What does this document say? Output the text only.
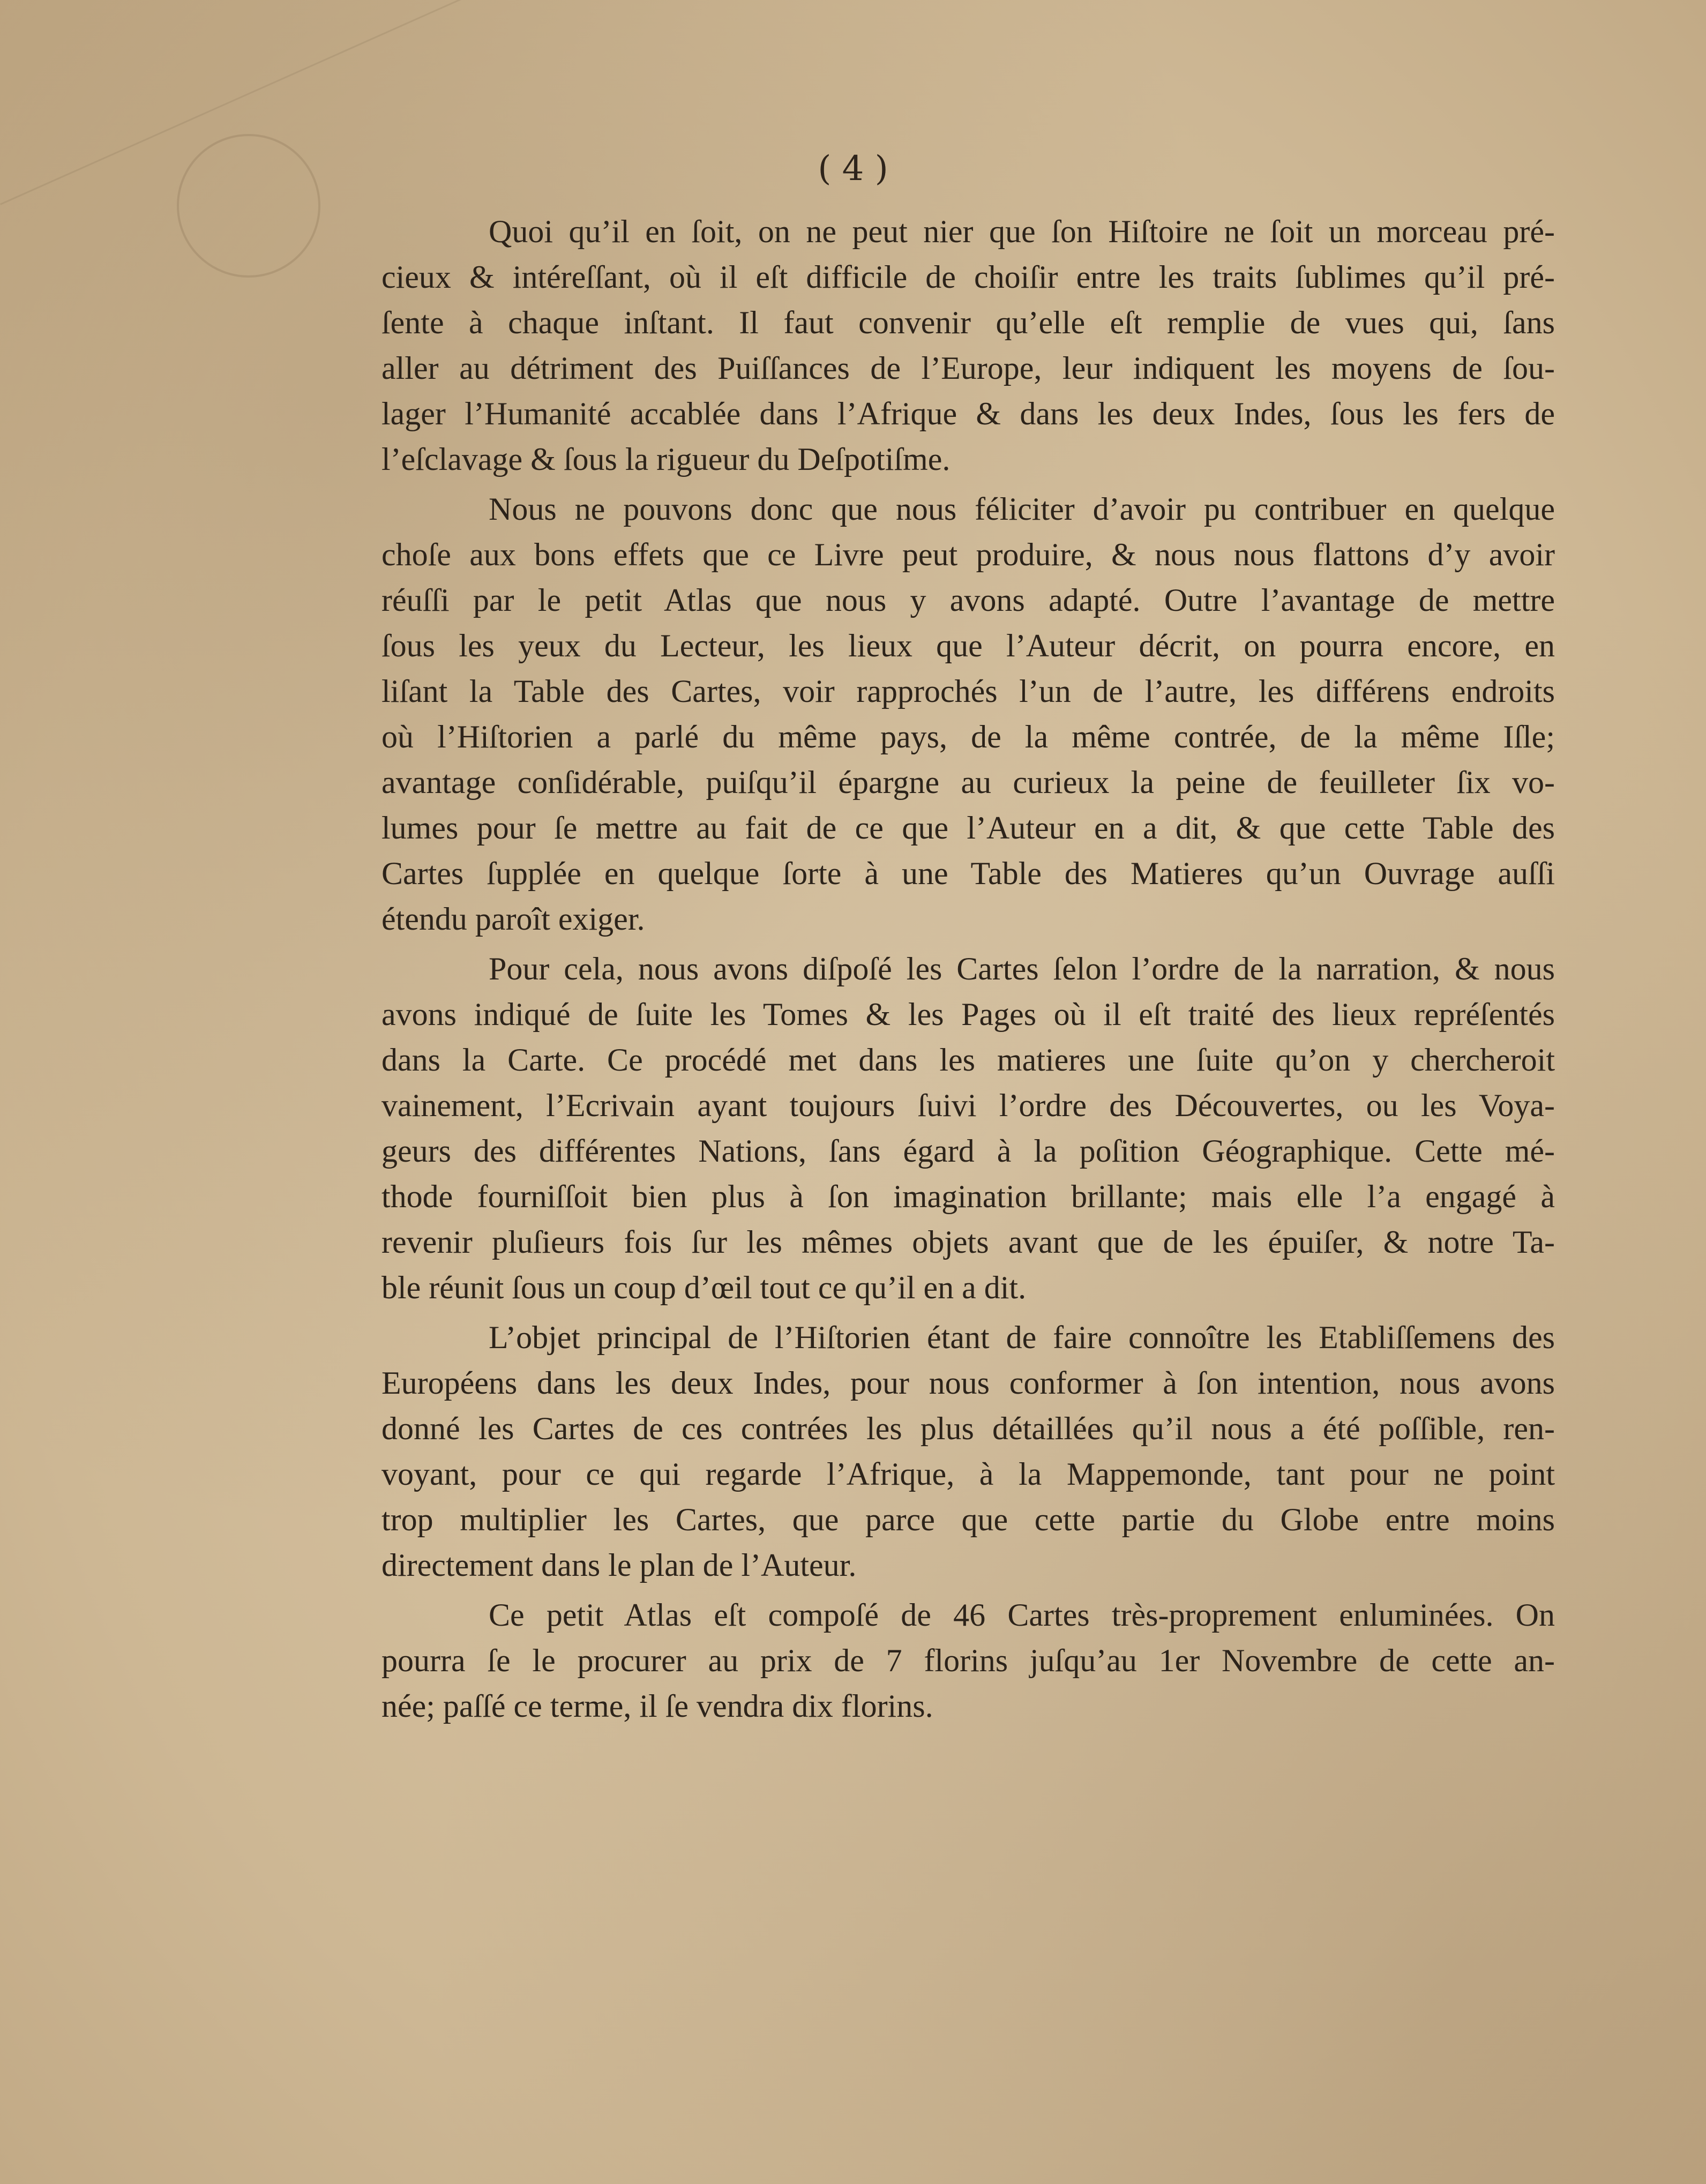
( 4 )

Quoi qu’il en ſoit, on ne peut nier que ſon Hiſtoire ne ſoit un morceau pré-
cieux & intéreſſant, où il eſt difficile de choiſir entre les traits ſublimes qu’il pré-
ſente à chaque inſtant. Il faut convenir qu’elle eſt remplie de vues qui, ſans
aller au détriment des Puiſſances de l’Europe, leur indiquent les moyens de ſou-
lager l’Humanité accablée dans l’Afrique & dans les deux Indes, ſous les fers de
l’eſclavage & ſous la rigueur du Deſpotiſme.

Nous ne pouvons donc que nous féliciter d’avoir pu contribuer en quelque
choſe aux bons effets que ce Livre peut produire, & nous nous flattons d’y avoir
réuſſi par le petit Atlas que nous y avons adapté. Outre l’avantage de mettre
ſous les yeux du Lecteur, les lieux que l’Auteur décrit, on pourra encore, en
liſant la Table des Cartes, voir rapprochés l’un de l’autre, les différens endroits
où l’Hiſtorien a parlé du même pays, de la même contrée, de la même Iſle;
avantage conſidérable, puiſqu’il épargne au curieux la peine de feuilleter ſix vo-
lumes pour ſe mettre au fait de ce que l’Auteur en a dit, & que cette Table des
Cartes ſupplée en quelque ſorte à une Table des Matieres qu’un Ouvrage auſſi
étendu paroît exiger.

Pour cela, nous avons diſpoſé les Cartes ſelon l’ordre de la narration, & nous
avons indiqué de ſuite les Tomes & les Pages où il eſt traité des lieux repréſentés
dans la Carte. Ce procédé met dans les matieres une ſuite qu’on y chercheroit
vainement, l’Ecrivain ayant toujours ſuivi l’ordre des Découvertes, ou les Voya-
geurs des différentes Nations, ſans égard à la poſition Géographique. Cette mé-
thode fourniſſoit bien plus à ſon imagination brillante; mais elle l’a engagé à
revenir pluſieurs fois ſur les mêmes objets avant que de les épuiſer, & notre Ta-
ble réunit ſous un coup d’œil tout ce qu’il en a dit.

L’objet principal de l’Hiſtorien étant de faire connoître les Etabliſſemens des
Européens dans les deux Indes, pour nous conformer à ſon intention, nous avons
donné les Cartes de ces contrées les plus détaillées qu’il nous a été poſſible, ren-
voyant, pour ce qui regarde l’Afrique, à la Mappemonde, tant pour ne point
trop multiplier les Cartes, que parce que cette partie du Globe entre moins
directement dans le plan de l’Auteur.

Ce petit Atlas eſt compoſé de 46 Cartes très-proprement enluminées. On
pourra ſe le procurer au prix de 7 florins juſqu’au 1er Novembre de cette an-
née; paſſé ce terme, il ſe vendra dix florins.
